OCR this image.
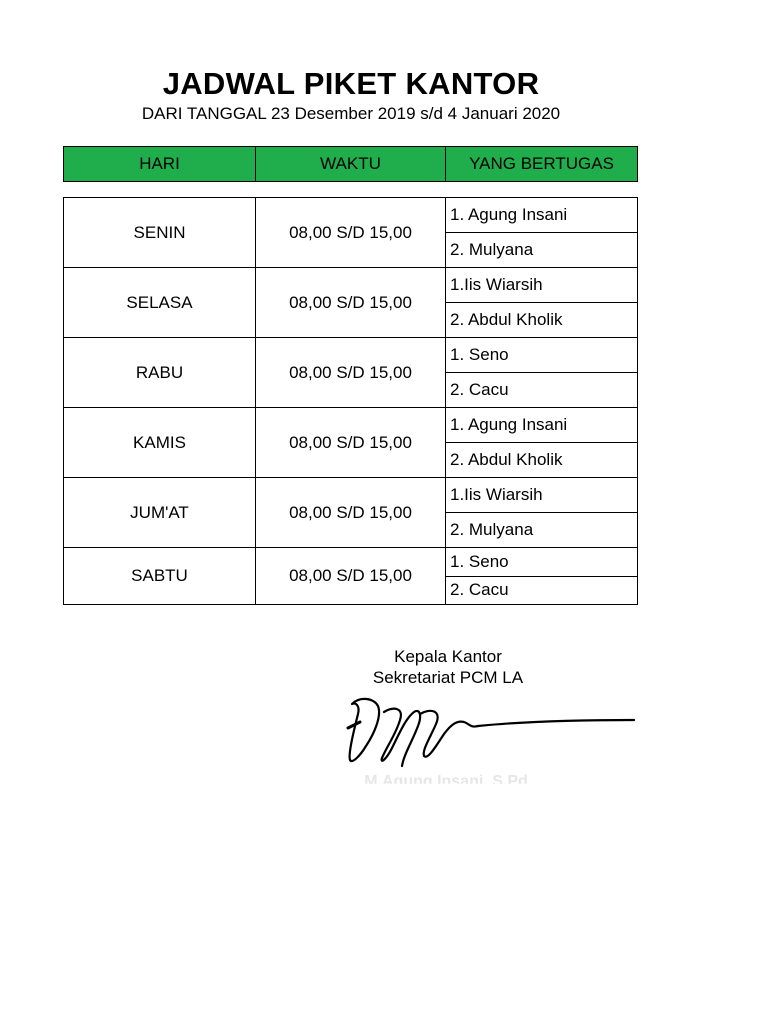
JADWAL PIKET KANTOR
DARI TANGGAL 23 Desember 2019 s/d 4 Januari 2020
HARI	WAKTU	YANG BERTUGAS
SENIN	08,00 S/D 15,00
1. Agung Insani
2. Mulyana
SELASA	08,00 S/D 15,00
1.Iis Wiarsih
2. Abdul Kholik
RABU	08,00 S/D 15,00
1. Seno
2. Cacu
KAMIS	08,00 S/D 15,00
1. Agung Insani
2. Abdul Kholik
JUM'AT	08,00 S/D 15,00
1.Iis Wiarsih
2. Mulyana
SABTU	08,00 S/D 15,00
1. Seno
2. Cacu
Kepala Kantor
Sekretariat PCM LA
